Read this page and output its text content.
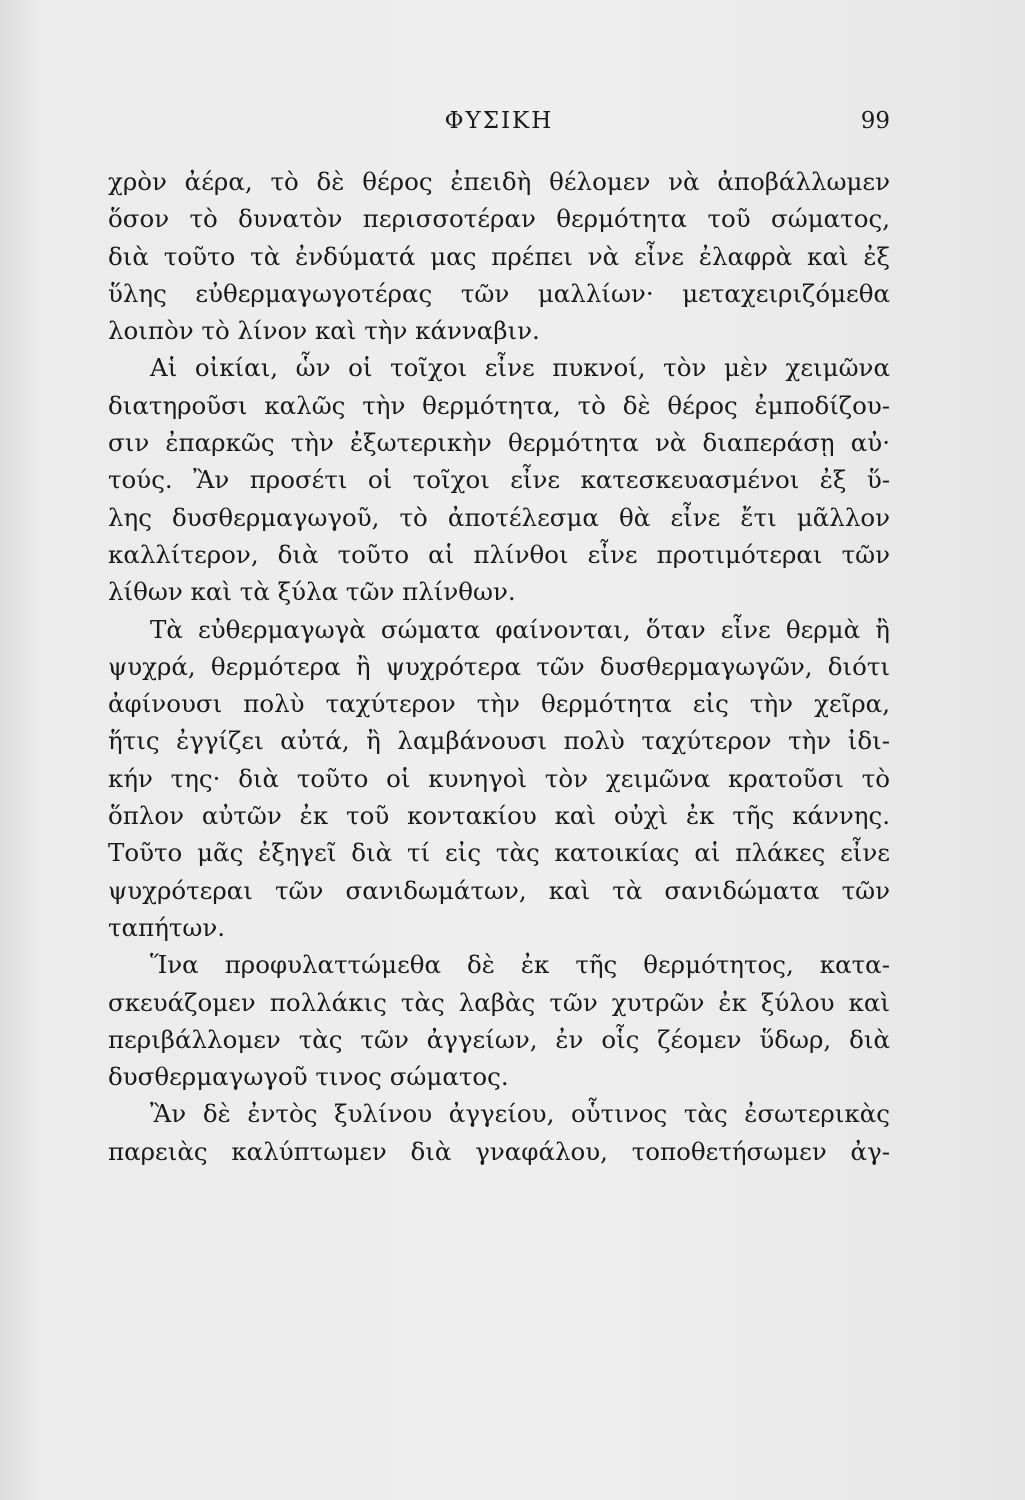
ΦΥΣΙΚΗ	99
χρὸν ἀέρα, τὸ δὲ θέρος ἐπειδὴ θέλομεν νὰ ἀποβάλλωμεν
ὅσον τὸ δυνατὸν περισσοτέραν θερμότητα τοῦ σώματος,
διὰ τοῦτο τὰ ἐνδύματά μας πρέπει νὰ εἶνε ἐλαφρὰ καὶ ἐξ
ὕλης εὐθερμαγωγοτέρας τῶν μαλλίων· μεταχειριζόμεθα
λοιπὸν τὸ λίνον καὶ τὴν κάνναβιν.
Αἱ οἰκίαι, ὧν οἱ τοῖχοι εἶνε πυκνοί, τὸν μὲν χειμῶνα
διατηροῦσι καλῶς τὴν θερμότητα, τὸ δὲ θέρος ἐμποδίζου-
σιν ἐπαρκῶς τὴν ἐξωτερικὴν θερμότητα νὰ διαπεράσῃ αὐ·
τούς. Ἂν προσέτι οἱ τοῖχοι εἶνε κατεσκευασμένοι ἐξ ὕ-
λης δυσθερμαγωγοῦ, τὸ ἀποτέλεσμα θὰ εἶνε ἔτι μᾶλλον
καλλίτερον, διὰ τοῦτο αἱ πλίνθοι εἶνε προτιμότεραι τῶν
λίθων καὶ τὰ ξύλα τῶν πλίνθων.
Τὰ εὐθερμαγωγὰ σώματα φαίνονται, ὅταν εἶνε θερμὰ ἢ
ψυχρά, θερμότερα ἢ ψυχρότερα τῶν δυσθερμαγωγῶν, διότι
ἀφίνουσι πολὺ ταχύτερον τὴν θερμότητα εἰς τὴν χεῖρα,
ἥτις ἐγγίζει αὐτά, ἢ λαμβάνουσι πολὺ ταχύτερον τὴν ἰδι-
κήν της· διὰ τοῦτο οἱ κυνηγοὶ τὸν χειμῶνα κρατοῦσι τὸ
ὅπλον αὐτῶν ἐκ τοῦ κοντακίου καὶ οὐχὶ ἐκ τῆς κάννης.
Τοῦτο μᾶς ἐξηγεῖ διὰ τί εἰς τὰς κατοικίας αἱ πλάκες εἶνε
ψυχρότεραι τῶν σανιδωμάτων, καὶ τὰ σανιδώματα τῶν
ταπήτων.
Ἵνα προφυλαττώμεθα δὲ ἐκ τῆς θερμότητος, κατα-
σκευάζομεν πολλάκις τὰς λαβὰς τῶν χυτρῶν ἐκ ξύλου καὶ
περιβάλλομεν τὰς τῶν ἀγγείων, ἐν οἷς ζέομεν ὕδωρ, διὰ
δυσθερμαγωγοῦ τινος σώματος.
Ἂν δὲ ἐντὸς ξυλίνου ἀγγείου, οὗτινος τὰς ἐσωτερικὰς
παρειὰς καλύπτωμεν διὰ γναφάλου, τοποθετήσωμεν ἀγ-
